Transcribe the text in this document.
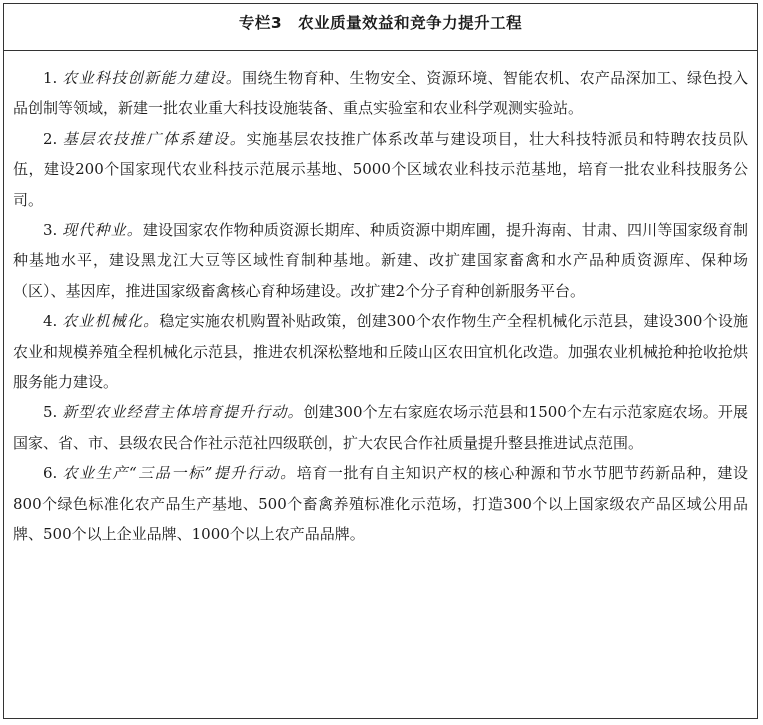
专栏3 农业质量效益和竞争力提升工程

1. 农业科技创新能力建设。围绕生物育种、生物安全、资源环境、智能农机、农产品深加工、绿色投入品创制等领域，新建一批农业重大科技设施装备、重点实验室和农业科学观测实验站。

2. 基层农技推广体系建设。实施基层农技推广体系改革与建设项目，壮大科技特派员和特聘农技员队伍，建设200个国家现代农业科技示范展示基地、5000个区域农业科技示范基地，培育一批农业科技服务公司。

3. 现代种业。建设国家农作物种质资源长期库、种质资源中期库圃，提升海南、甘肃、四川等国家级育制种基地水平，建设黑龙江大豆等区域性育制种基地。新建、改扩建国家畜禽和水产品种质资源库、保种场（区）、基因库，推进国家级畜禽核心育种场建设。改扩建2个分子育种创新服务平台。

4. 农业机械化。稳定实施农机购置补贴政策，创建300个农作物生产全程机械化示范县，建设300个设施农业和规模养殖全程机械化示范县，推进农机深松整地和丘陵山区农田宜机化改造。加强农业机械抢种抢收抢烘服务能力建设。

5. 新型农业经营主体培育提升行动。创建300个左右家庭农场示范县和1500个左右示范家庭农场。开展国家、省、市、县级农民合作社示范社四级联创，扩大农民合作社质量提升整县推进试点范围。

6. 农业生产“三品一标”提升行动。培育一批有自主知识产权的核心种源和节水节肥节药新品种，建设800个绿色标准化农产品生产基地、500个畜禽养殖标准化示范场，打造300个以上国家级农产品区域公用品牌、500个以上企业品牌、1000个以上农产品品牌。
